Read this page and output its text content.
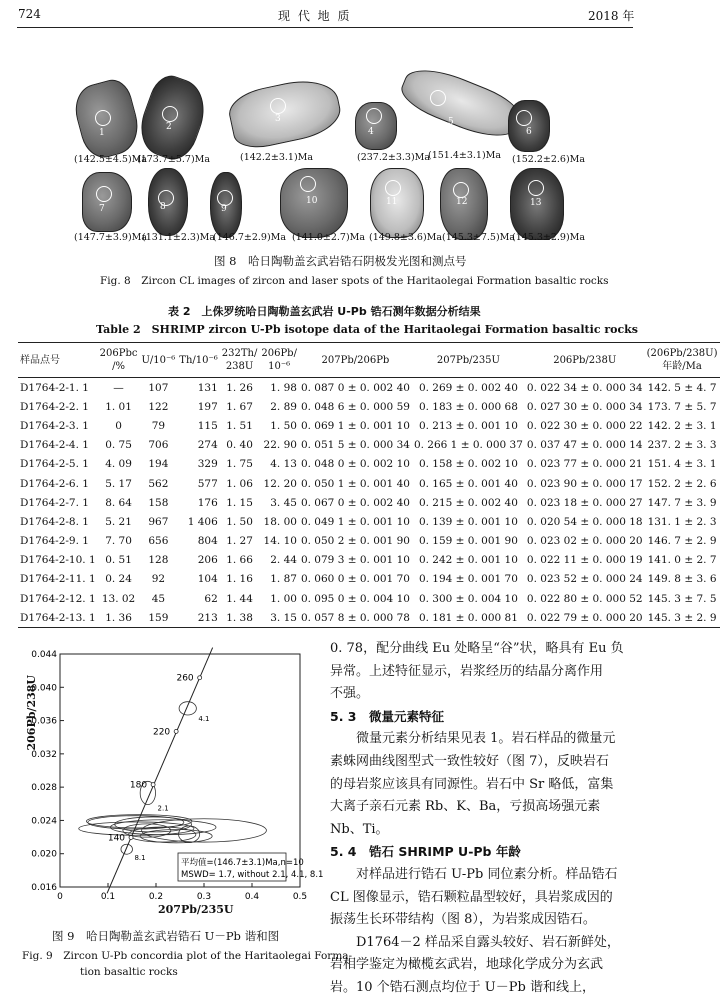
724	现 代 地 质	2018 年
1
2
3
4
5
6
7	8	9
10	11	12	13
(142.5±4.5)Ma
(173.7±5.7)Ma	(142.2±3.1)Ma	(237.2±3.3)Ma
(151.4±3.1)Ma (152.2±2.6)Ma
(147.7±3.9)Ma
(131.1±2.3)Ma
(146.7±2.9)Ma (141.0±2.7)Ma (149.8±3.6)Ma (145.3±7.5)Ma
(145.3±2.9)Ma
图 8　哈日陶勒盖玄武岩锆石阴极发光图和测点号
Fig. 8　Zircon CL images of zircon and laser spots of the Haritaolegai Formation basaltic rocks
表 2　上侏罗统哈日陶勒盖玄武岩 U-Pb 锆石测年数据分析结果
Table 2　SHRIMP zircon U-Pb isotope data of the Haritaolegai Formation basaltic rocks
样品点号	206Pbc /%	U/10⁻⁶	Th/10⁻⁶	232Th/ 238U	206Pb/ 10⁻⁶	207Pb/206Pb	207Pb/235U	206Pb/238U	(206Pb/238U) 年龄/Ma
D1764-2-1. 1	—	107	131	1. 26	1. 98	0. 087 0 ± 0. 002 40	0. 269 ± 0. 002 40	0. 022 34 ± 0. 000 34	142. 5 ± 4. 7
D1764-2-2. 1	1. 01	122	197	1. 67	2. 89	0. 048 6 ± 0. 000 59	0. 183 ± 0. 000 68	0. 027 30 ± 0. 000 34	173. 7 ± 5. 7
D1764-2-3. 1	0	79	115	1. 51	1. 50	0. 069 1 ± 0. 001 10	0. 213 ± 0. 001 10	0. 022 30 ± 0. 000 22	142. 2 ± 3. 1
D1764-2-4. 1	0. 75	706	274	0. 40	22. 90	0. 051 5 ± 0. 000 34	0. 266 1 ± 0. 000 37	0. 037 47 ± 0. 000 14	237. 2 ± 3. 3
D1764-2-5. 1	4. 09	194	329	1. 75	4. 13	0. 048 0 ± 0. 002 10	0. 158 ± 0. 002 10	0. 023 77 ± 0. 000 21	151. 4 ± 3. 1
D1764-2-6. 1	5. 17	562	577	1. 06	12. 20	0. 050 1 ± 0. 001 40	0. 165 ± 0. 001 40	0. 023 90 ± 0. 000 17	152. 2 ± 2. 6
D1764-2-7. 1	8. 64	158	176	1. 15	3. 45	0. 067 0 ± 0. 002 40	0. 215 ± 0. 002 40	0. 023 18 ± 0. 000 27	147. 7 ± 3. 9
D1764-2-8. 1	5. 21	967	1 406	1. 50	18. 00	0. 049 1 ± 0. 001 10	0. 139 ± 0. 001 10	0. 020 54 ± 0. 000 18	131. 1 ± 2. 3
D1764-2-9. 1	7. 70	656	804	1. 27	14. 10	0. 050 2 ± 0. 001 90	0. 159 ± 0. 001 90	0. 023 02 ± 0. 000 20	146. 7 ± 2. 9
D1764-2-10. 1	0. 51	128	206	1. 66	2. 44	0. 079 3 ± 0. 001 10	0. 242 ± 0. 001 10	0. 022 11 ± 0. 000 19	141. 0 ± 2. 7
D1764-2-11. 1	0. 24	92	104	1. 16	1. 87	0. 060 0 ± 0. 001 70	0. 194 ± 0. 001 70	0. 023 52 ± 0. 000 24	149. 8 ± 3. 6
D1764-2-12. 1	13. 02	45	62	1. 44	1. 00	0. 095 0 ± 0. 004 10	0. 300 ± 0. 004 10	0. 022 80 ± 0. 000 52	145. 3 ± 7. 5
D1764-2-13. 1	1. 36	159	213	1. 38	3. 15	0. 057 8 ± 0. 000 78	0. 181 ± 0. 000 81	0. 022 79 ± 0. 000 20	145. 3 ± 2. 9
0	0.1	0.2	0.3	0.4	0.5
0.016
0.020
0.024
0.028
0.032
0.036
0.040
0.044
2.1
4.1
8.1
140
180
220
260
平均值=(146.7±3.1)Ma,n=10
MSWD= 1.7, without 2.1, 4.1, 8.1
206Pb/238U
207Pb/235U
图 9　哈日陶勒盖玄武岩锆石 U－Pb 谐和图
Fig. 9　Zircon U-Pb concordia plot of the Haritaolegai Forma-
tion basaltic rocks

0. 78，配分曲线 Eu 处略呈“谷”状，略具有 Eu 负

异常。上述特征显示，岩浆经历的结晶分离作用

不强。

5. 3　微量元素特征

　　微量元素分析结果见表 1。岩石样品的微量元

素蛛网曲线图型式一致性较好（图 7），反映岩石

的母岩浆应该具有同源性。岩石中 Sr 略低，富集

大离子亲石元素 Rb、K、Ba，亏损高场强元素

Nb、Ti。

5. 4　锆石 SHRIMP U-Pb 年龄

　　对样品进行锆石 U-Pb 同位素分析。样品锆石

CL 图像显示，锆石颗粒晶型较好，具岩浆成因的

振荡生长环带结构（图 8），为岩浆成因锆石。

　　D1764－2 样品采自露头较好、岩石新鲜处，

岩相学鉴定为橄榄玄武岩，地球化学成分为玄武

岩。10 个锆石测点均位于 U－Pb 谐和线上，
